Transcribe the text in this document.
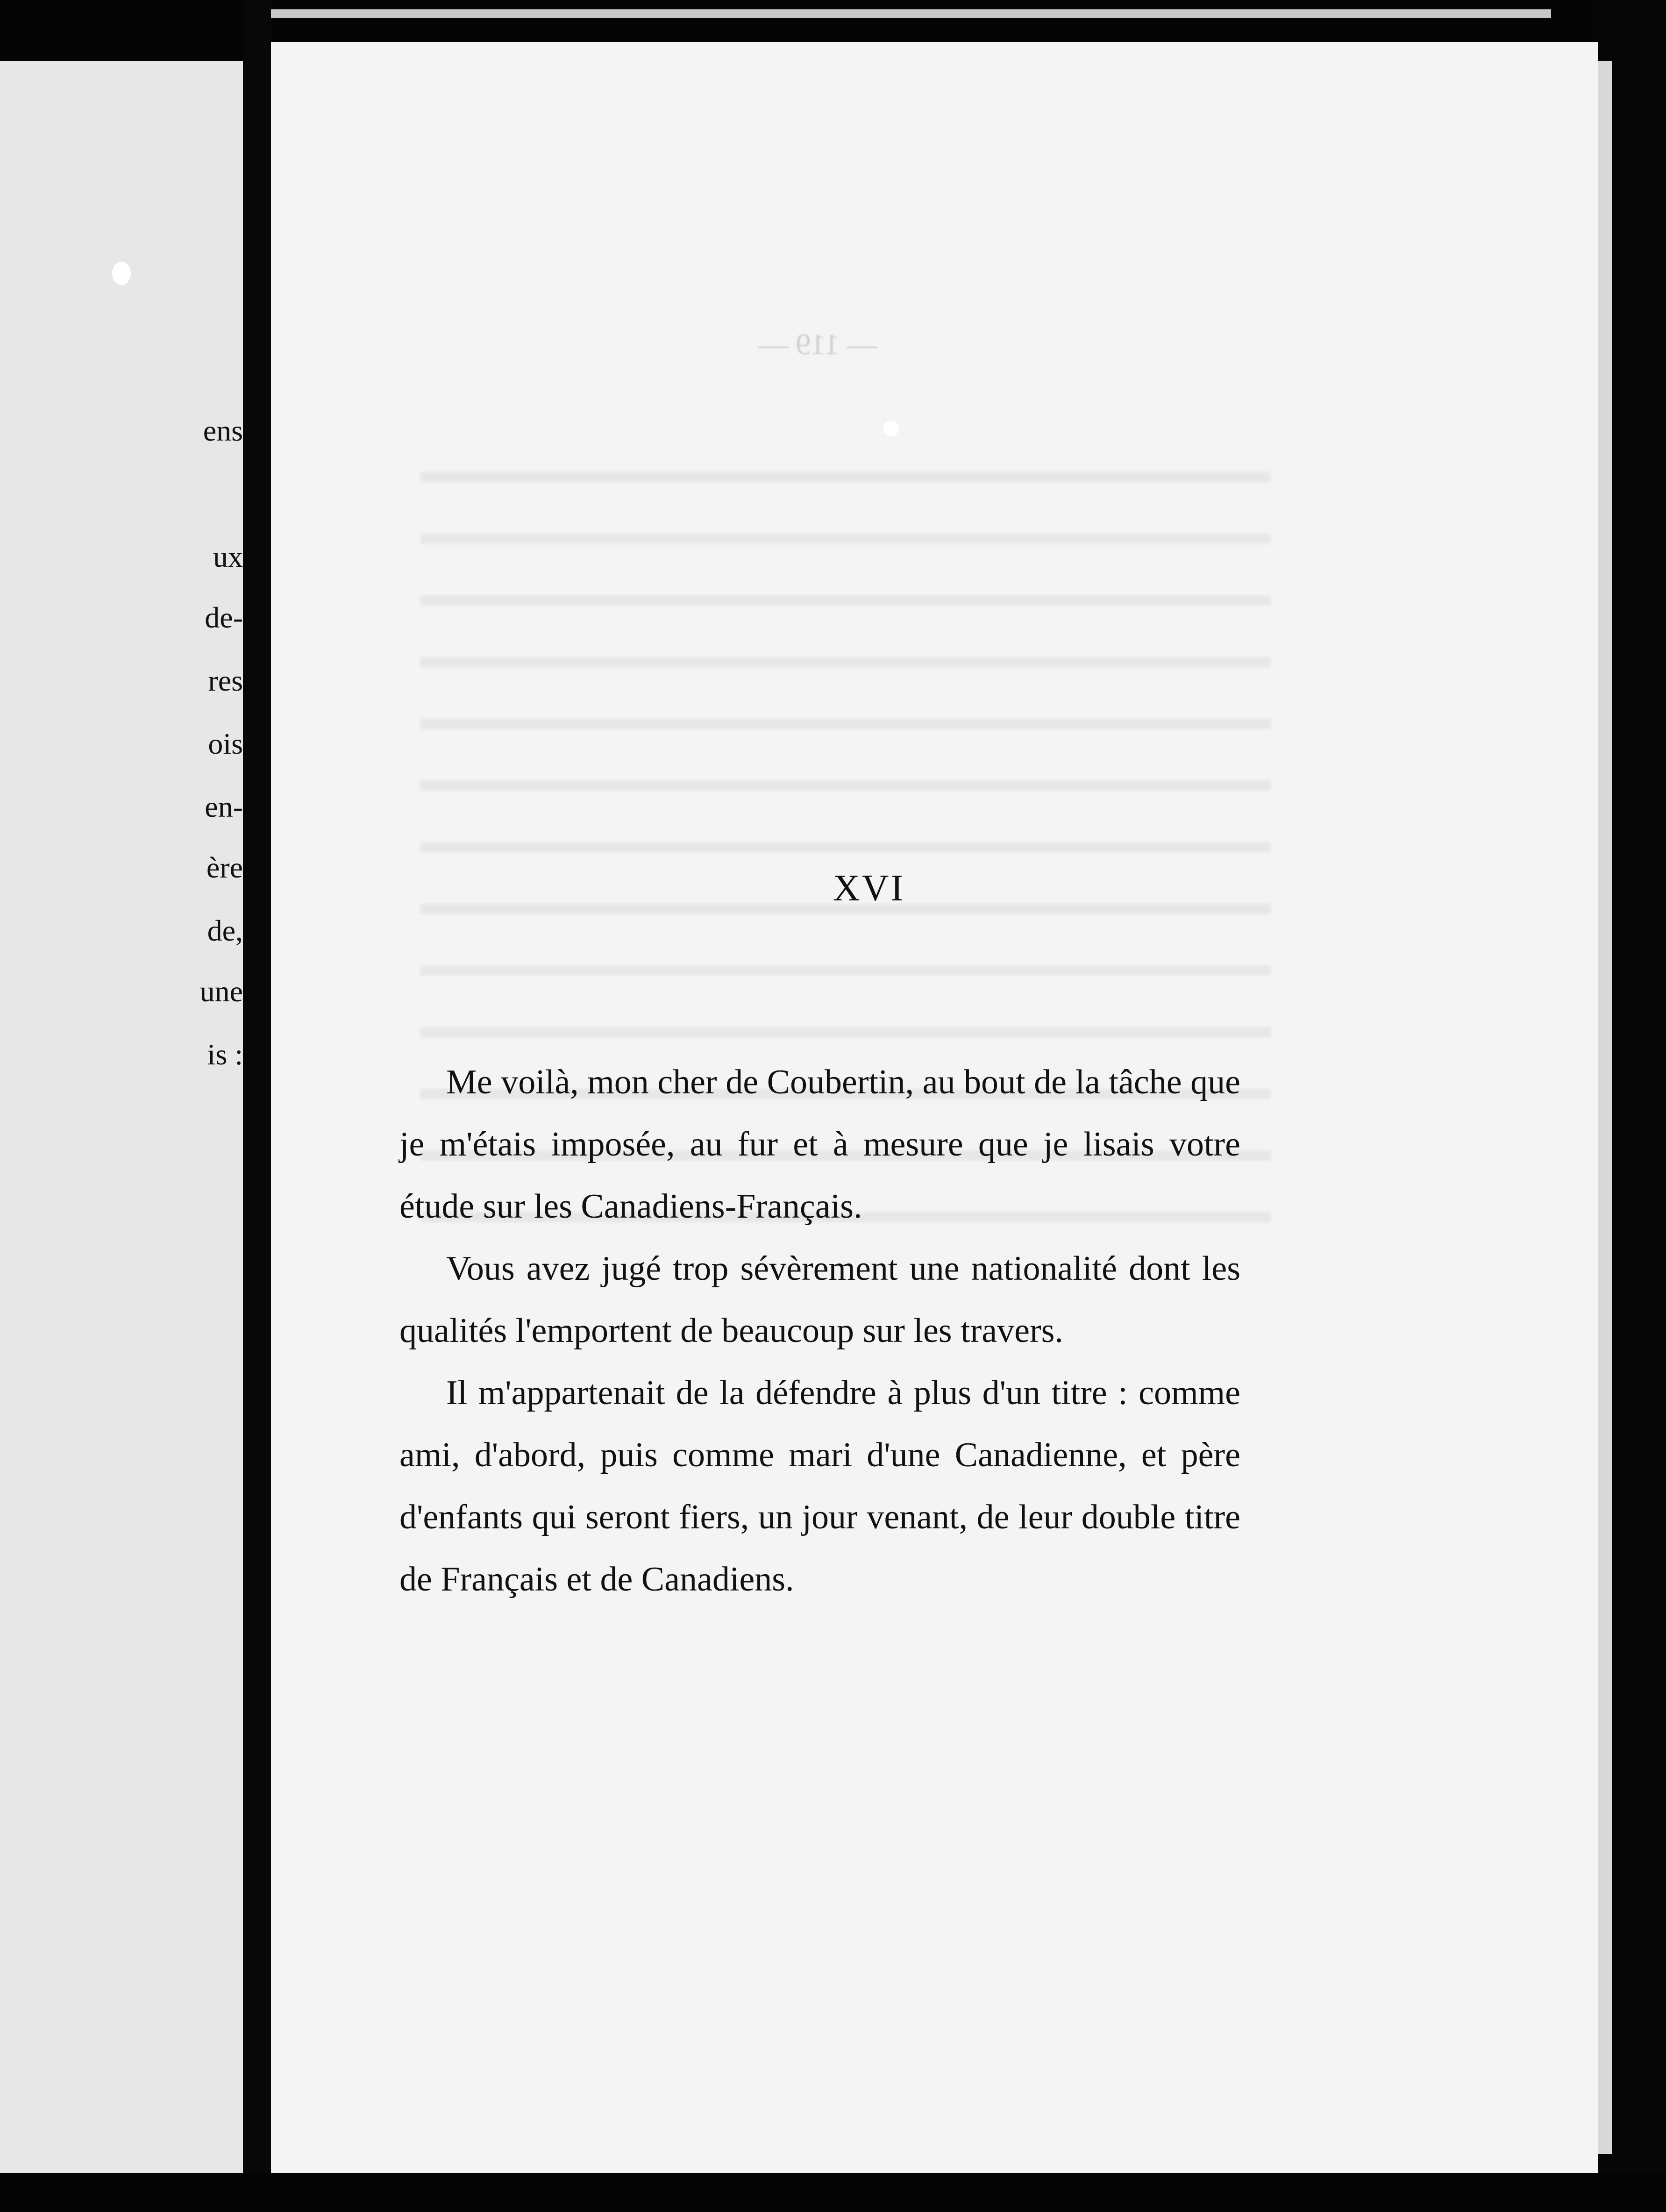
ens
ux
de-
res
ois
en-
ère
de,
une
is :
— 119 —
XVI

Me voilà, mon cher de Coubertin, au bout de la tâche que je m'étais imposée, au fur et à mesure que je lisais votre étude sur les Canadiens-Français.

Vous avez jugé trop sévèrement une nationalité dont les qualités l'emportent de beaucoup sur les travers.

Il m'appartenait de la défendre à plus d'un titre : comme ami, d'abord, puis comme mari d'une Canadienne, et père d'enfants qui seront fiers, un jour venant, de leur double titre de Français et de Canadiens.
